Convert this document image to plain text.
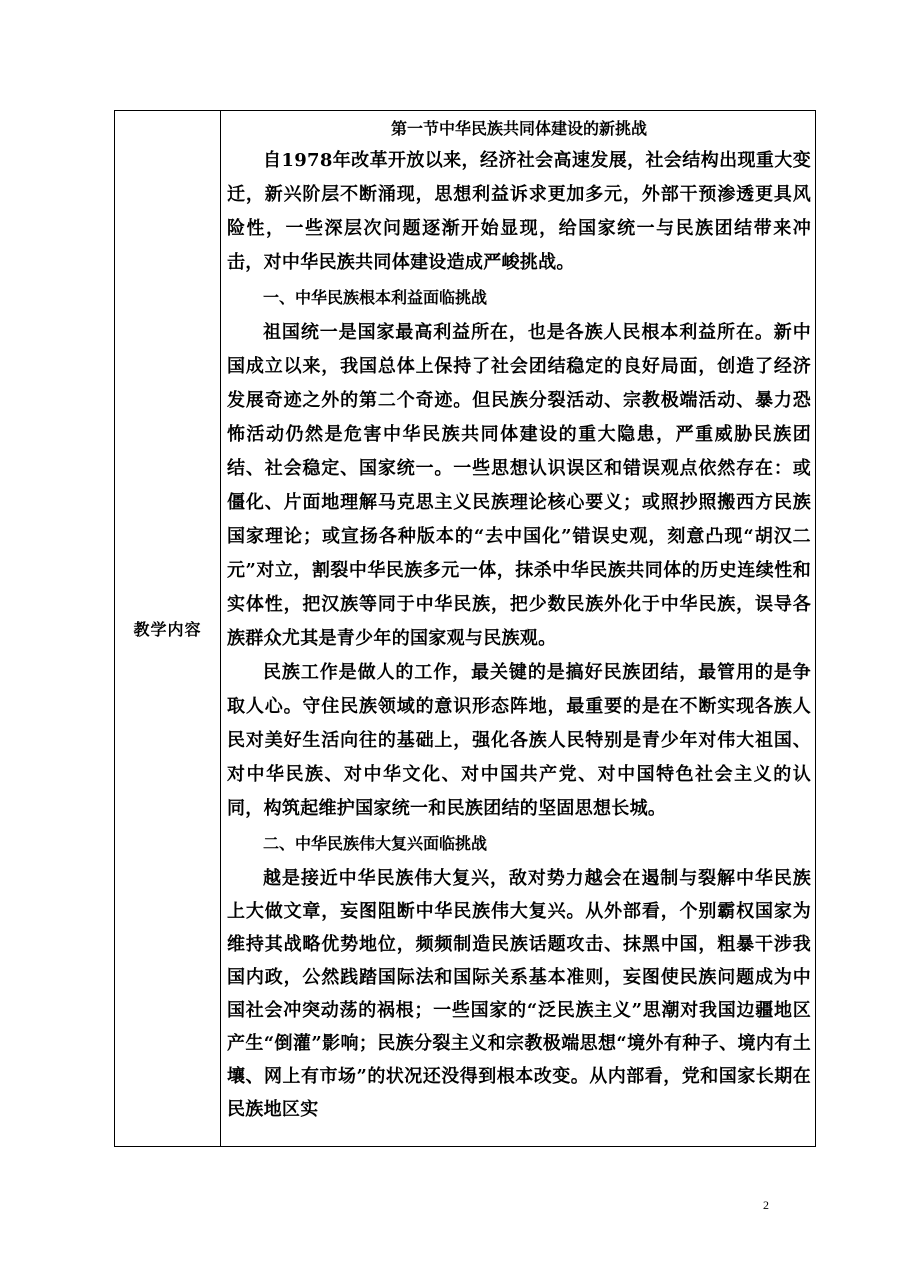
教学内容

第一节中华民族共同体建设的新挑战

自1978年改革开放以来，经济社会高速发展，社会结构出现重大变迁，新兴阶层不断涌现，思想利益诉求更加多元，外部干预渗透更具风险性，一些深层次问题逐渐开始显现，给国家统一与民族团结带来冲击，对中华民族共同体建设造成严峻挑战。

一、中华民族根本利益面临挑战

祖国统一是国家最高利益所在，也是各族人民根本利益所在。新中国成立以来，我国总体上保持了社会团结稳定的良好局面，创造了经济发展奇迹之外的第二个奇迹。但民族分裂活动、宗教极端活动、暴力恐怖活动仍然是危害中华民族共同体建设的重大隐患，严重威胁民族团结、社会稳定、国家统一。一些思想认识误区和错误观点依然存在：或僵化、片面地理解马克思主义民族理论核心要义；或照抄照搬西方民族国家理论；或宣扬各种版本的“去中国化”错误史观，刻意凸现“胡汉二元”对立，割裂中华民族多元一体，抹杀中华民族共同体的历史连续性和实体性，把汉族等同于中华民族，把少数民族外化于中华民族，误导各族群众尤其是青少年的国家观与民族观。

民族工作是做人的工作，最关键的是搞好民族团结，最管用的是争取人心。守住民族领域的意识形态阵地，最重要的是在不断实现各族人民对美好生活向往的基础上，强化各族人民特别是青少年对伟大祖国、对中华民族、对中华文化、对中国共产党、对中国特色社会主义的认同，构筑起维护国家统一和民族团结的坚固思想长城。

二、中华民族伟大复兴面临挑战

越是接近中华民族伟大复兴，敌对势力越会在遏制与裂解中华民族上大做文章，妄图阻断中华民族伟大复兴。从外部看，个别霸权国家为维持其战略优势地位，频频制造民族话题攻击、抹黑中国，粗暴干涉我国内政，公然践踏国际法和国际关系基本准则，妄图使民族问题成为中国社会冲突动荡的祸根；一些国家的“泛民族主义”思潮对我国边疆地区产生“倒灌”影响；民族分裂主义和宗教极端思想“境外有种子、境内有土壤、网上有市场”的状况还没得到根本改变。从内部看，党和国家长期在民族地区实

2
